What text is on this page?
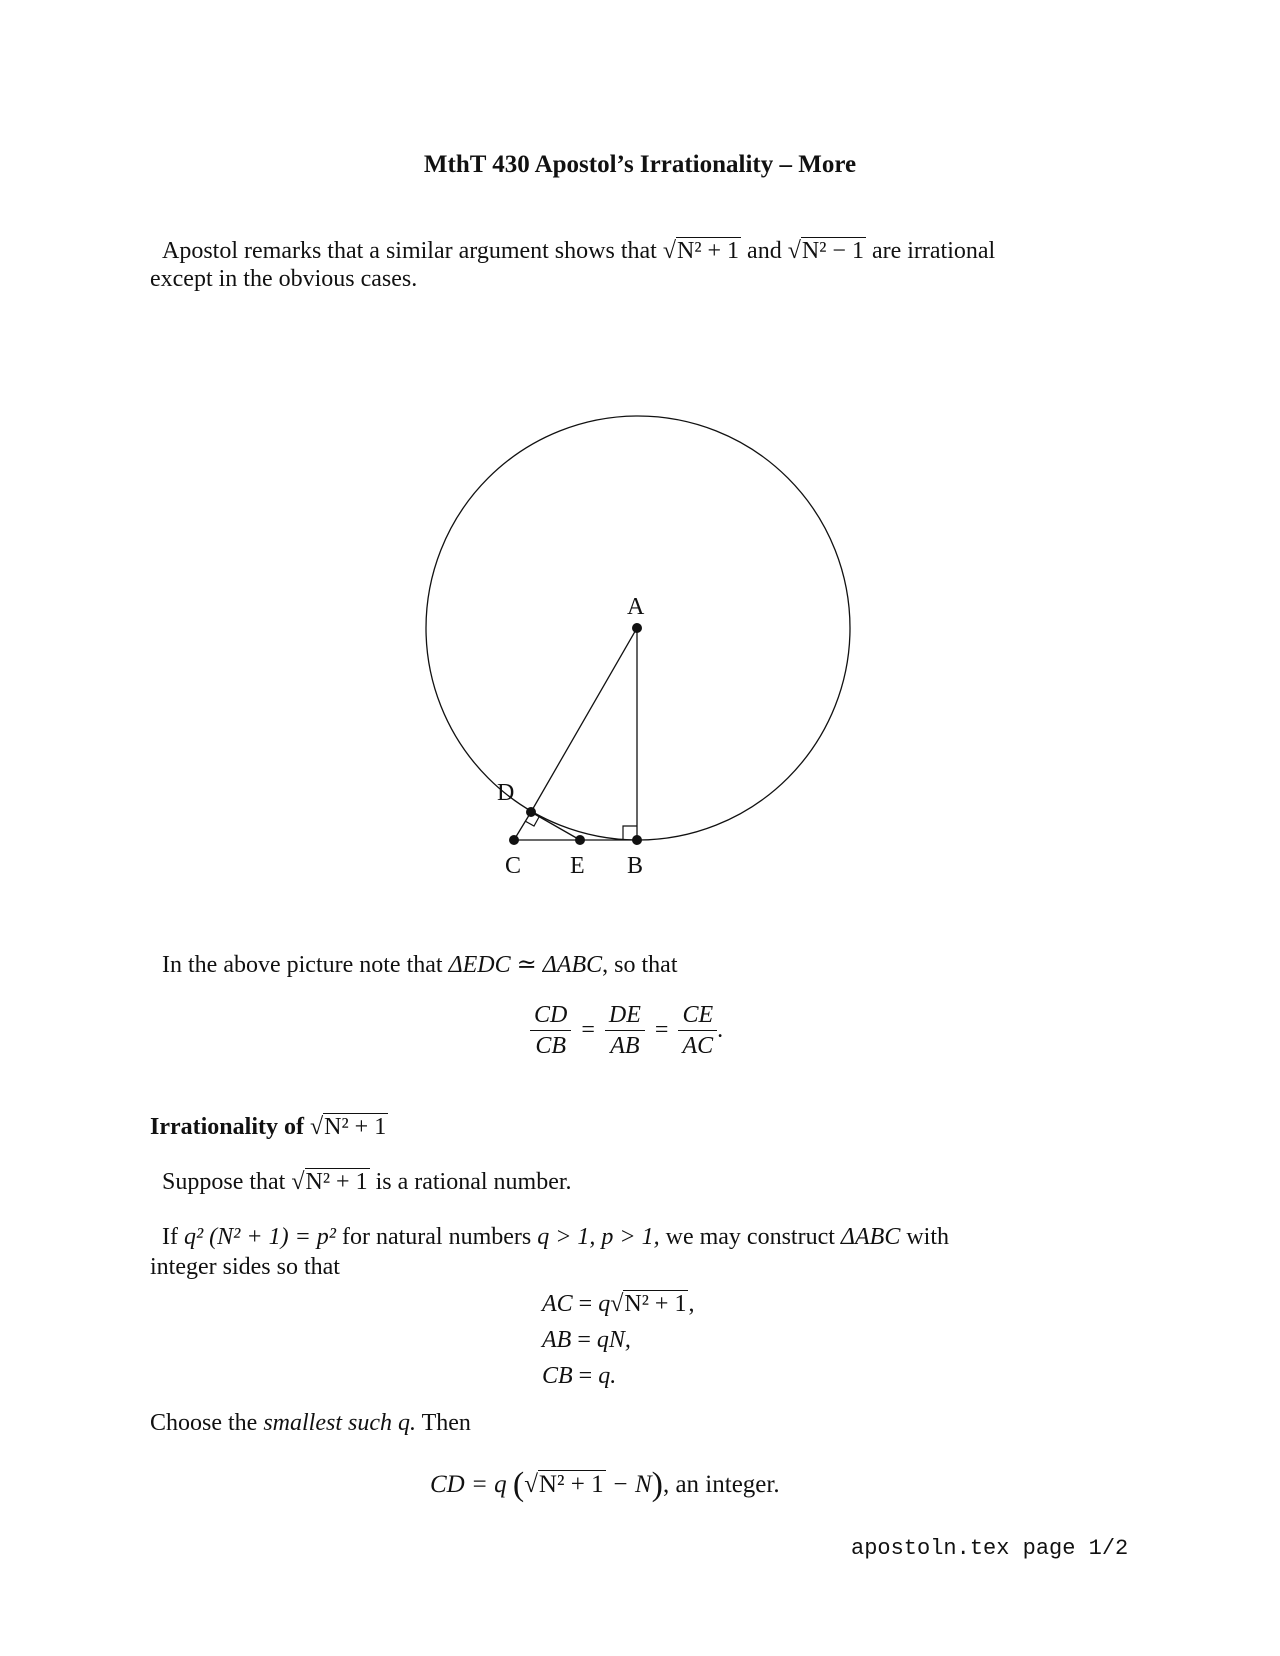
MthT 430 Apostol’s Irrationality – More

Apostol remarks that a similar argument shows that √N² + 1 and √N² − 1 are irrational

except in the obvious cases.

A
D
C E B

In the above picture note that ΔEDC ≃ ΔABC, so that

$\frac{CD}{CB} = \frac{DE}{AB} = \frac{CE}{AC}$ .

Irrationality of √N² + 1

Suppose that √N² + 1 is a rational number.

If q² (N² + 1) = p² for natural numbers q > 1, p > 1, we may construct ΔABC with

integer sides so that

AC = q√N² + 1,
AB = qN,
CB = q.

Choose the smallest such q. Then

CD = q (√N² + 1 − N), an integer.

apostoln.tex page 1/2
